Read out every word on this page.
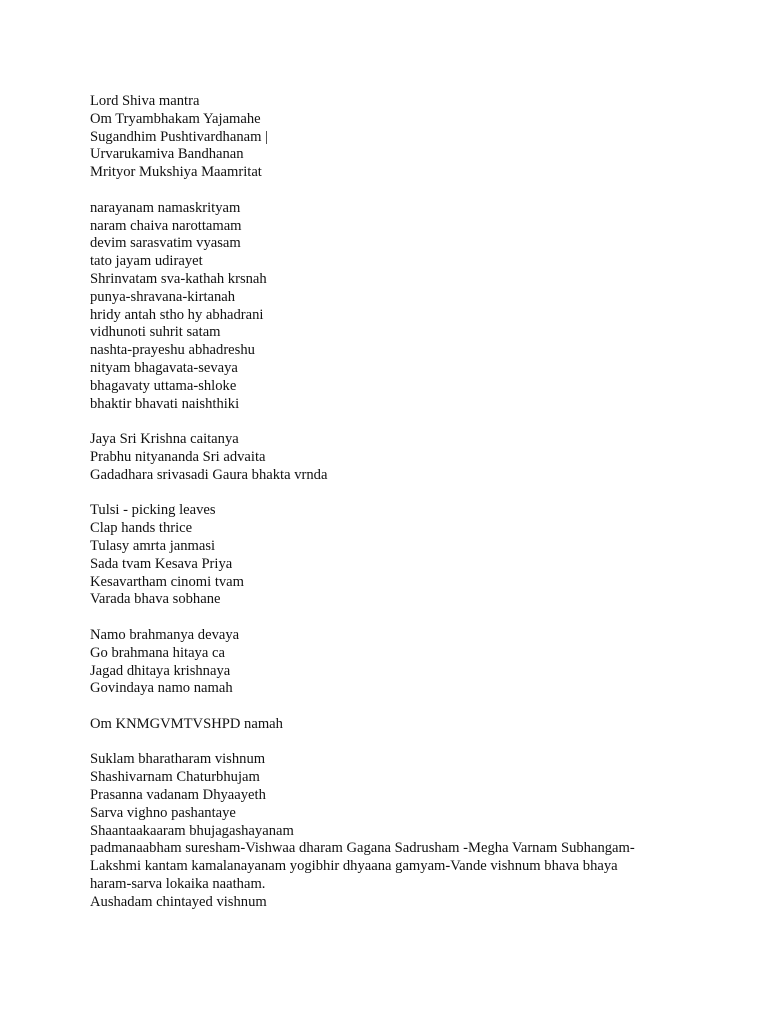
Lord Shiva mantra
Om Tryambhakam Yajamahe
Sugandhim Pushtivardhanam |
Urvarukamiva Bandhanan
Mrityor Mukshiya Maamritat
narayanam namaskrityam
naram chaiva narottamam
devim sarasvatim vyasam
tato jayam udirayet
Shrinvatam sva-kathah krsnah
punya-shravana-kirtanah
hridy antah stho hy abhadrani
vidhunoti suhrit satam
nashta-prayeshu abhadreshu
nityam bhagavata-sevaya
bhagavaty uttama-shloke
bhaktir bhavati naishthiki
Jaya Sri Krishna caitanya
Prabhu nityananda Sri advaita
Gadadhara srivasadi Gaura bhakta vrnda
Tulsi - picking leaves
Clap hands thrice
Tulasy amrta janmasi
Sada tvam Kesava Priya
Kesavartham cinomi tvam
Varada bhava sobhane
Namo brahmanya devaya
Go brahmana hitaya ca
Jagad dhitaya krishnaya
Govindaya namo namah
Om KNMGVMTVSHPD namah
Suklam bharatharam vishnum
Shashivarnam Chaturbhujam
Prasanna vadanam Dhyaayeth
Sarva vighno pashantaye
Shaantaakaaram bhujagashayanam
padmanaabham suresham-Vishwaa dharam Gagana Sadrusham -Megha Varnam Subhangam-Lakshmi kantam kamalanayanam yogibhir dhyaana gamyam-Vande vishnum bhava bhaya haram-sarva lokaika naatham.
Aushadam chintayed vishnum
